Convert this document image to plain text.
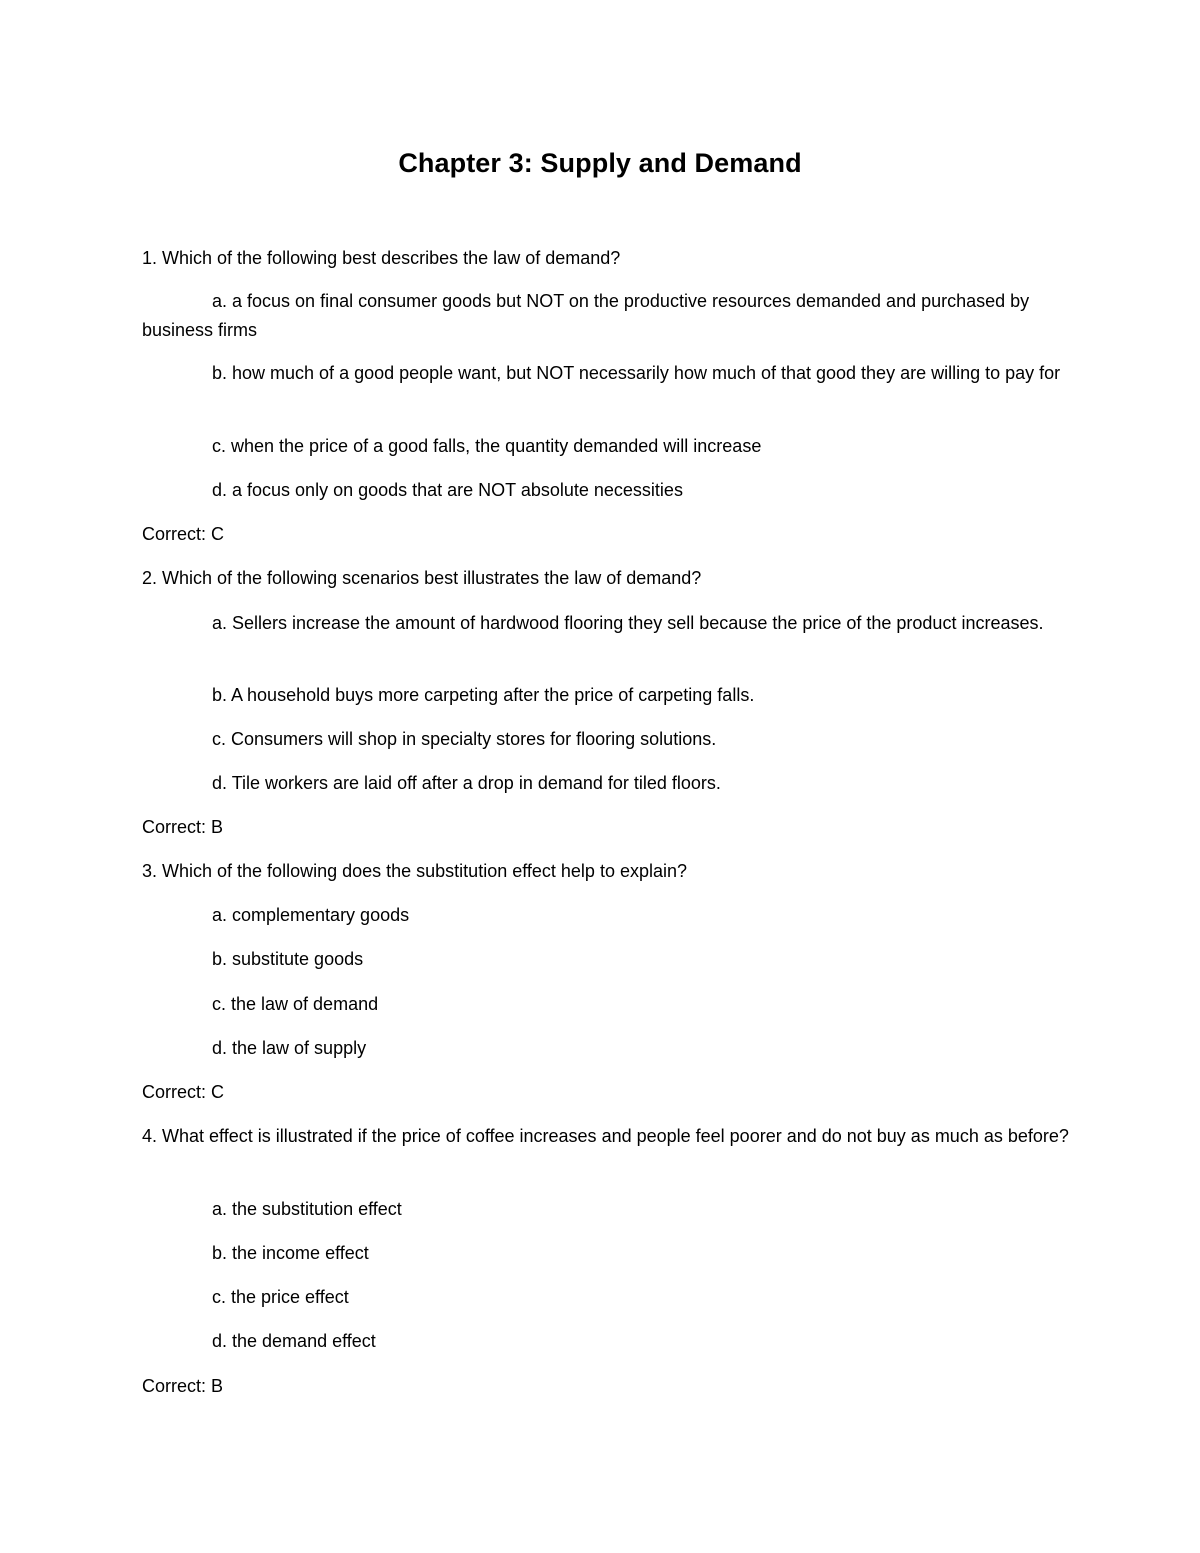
Chapter 3: Supply and Demand
1. Which of the following best describes the law of demand?
a. a focus on final consumer goods but NOT on the productive resources demanded and purchased by business firms
b. how much of a good people want, but NOT necessarily how much of that good they are willing to pay for
c. when the price of a good falls, the quantity demanded will increase
d. a focus only on goods that are NOT absolute necessities
Correct: C
2. Which of the following scenarios best illustrates the law of demand?
a. Sellers increase the amount of hardwood flooring they sell because the price of the product increases.
b. A household buys more carpeting after the price of carpeting falls.
c. Consumers will shop in specialty stores for flooring solutions.
d. Tile workers are laid off after a drop in demand for tiled floors.
Correct: B
3. Which of the following does the substitution effect help to explain?
a. complementary goods
b. substitute goods
c. the law of demand
d. the law of supply
Correct: C
4. What effect is illustrated if the price of coffee increases and people feel poorer and do not buy as much as before?
a. the substitution effect
b. the income effect
c. the price effect
d. the demand effect
Correct: B
